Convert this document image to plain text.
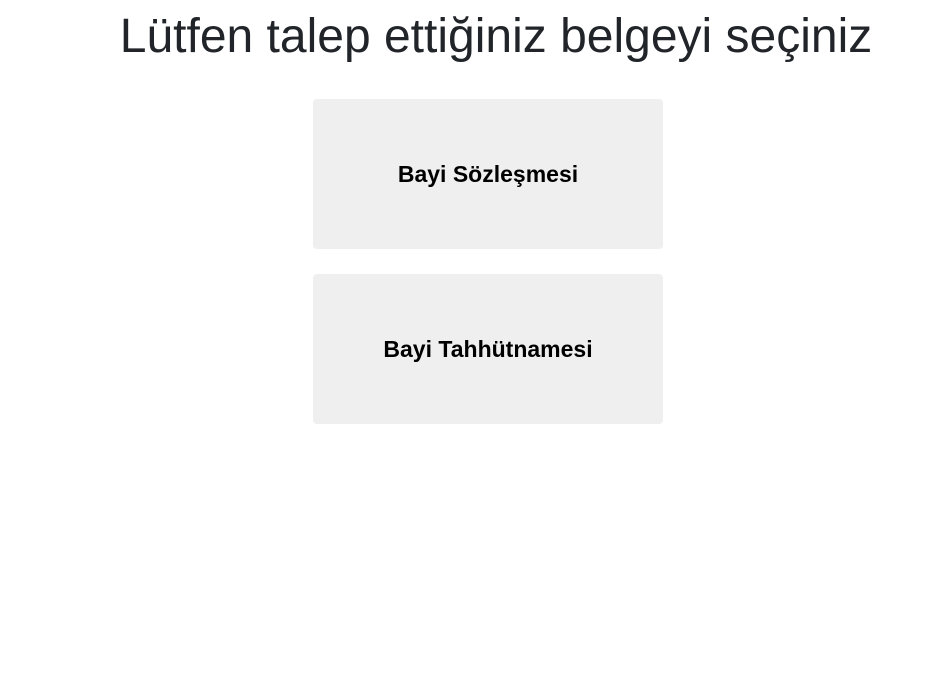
Lütfen talep ettiğiniz belgeyi seçiniz
Bayi Sözleşmesi
Bayi Tahhütnamesi
